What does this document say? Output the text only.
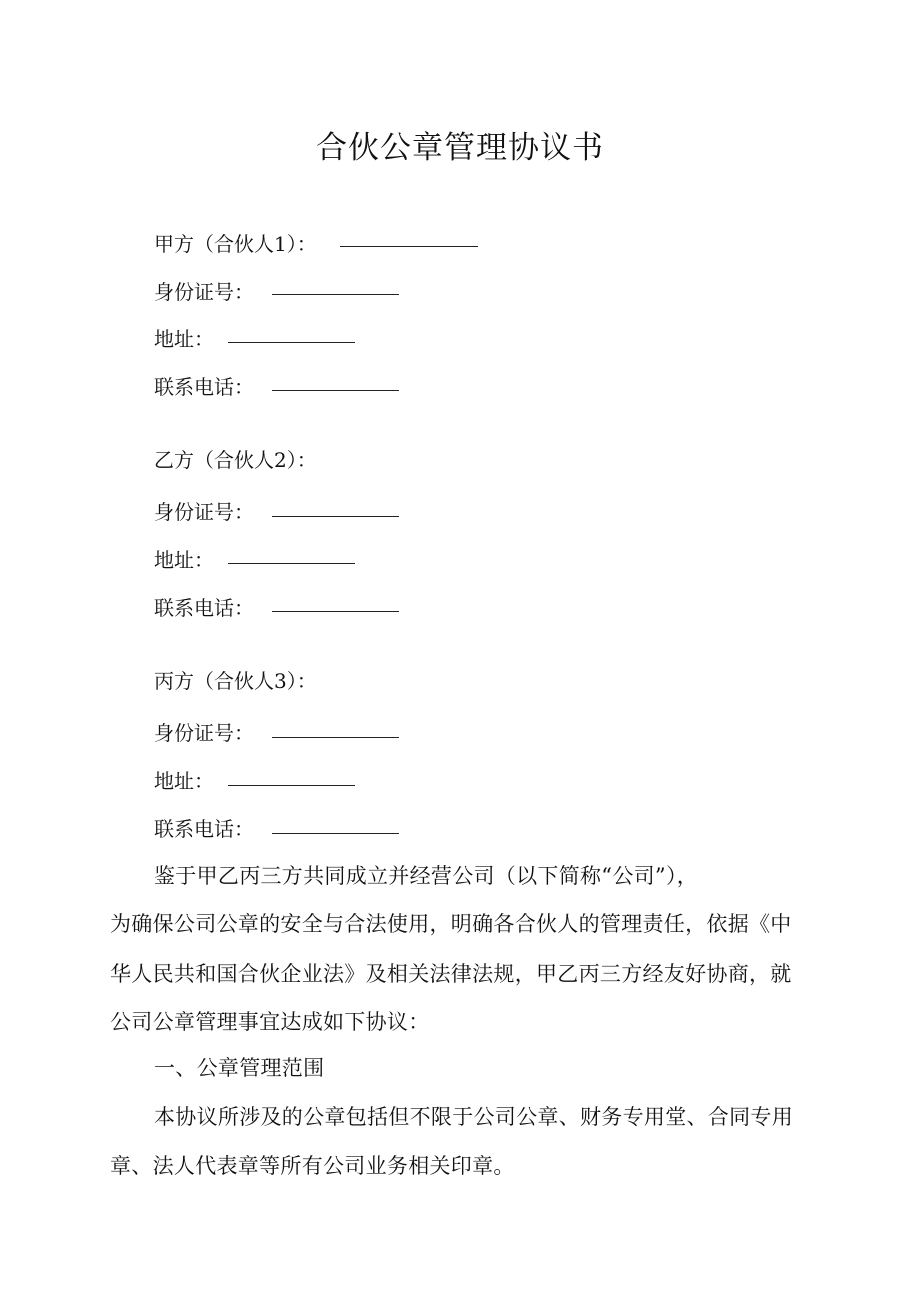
合伙公章管理协议书
甲方（合伙人1）：
身份证号：
地址：
联系电话：
乙方（合伙人2）：
身份证号：
地址：
联系电话：
丙方（合伙人3）：
身份证号：
地址：
联系电话：
鉴于甲乙丙三方共同成立并经营公司（以下简称“公司”），
为确保公司公章的安全与合法使用，明确各合伙人的管理责任，依据《中
华人民共和国合伙企业法》及相关法律法规，甲乙丙三方经友好协商，就
公司公章管理事宜达成如下协议：
一、公章管理范围
本协议所涉及的公章包括但不限于公司公章、财务专用堂、合同专用
章、法人代表章等所有公司业务相关印章。
